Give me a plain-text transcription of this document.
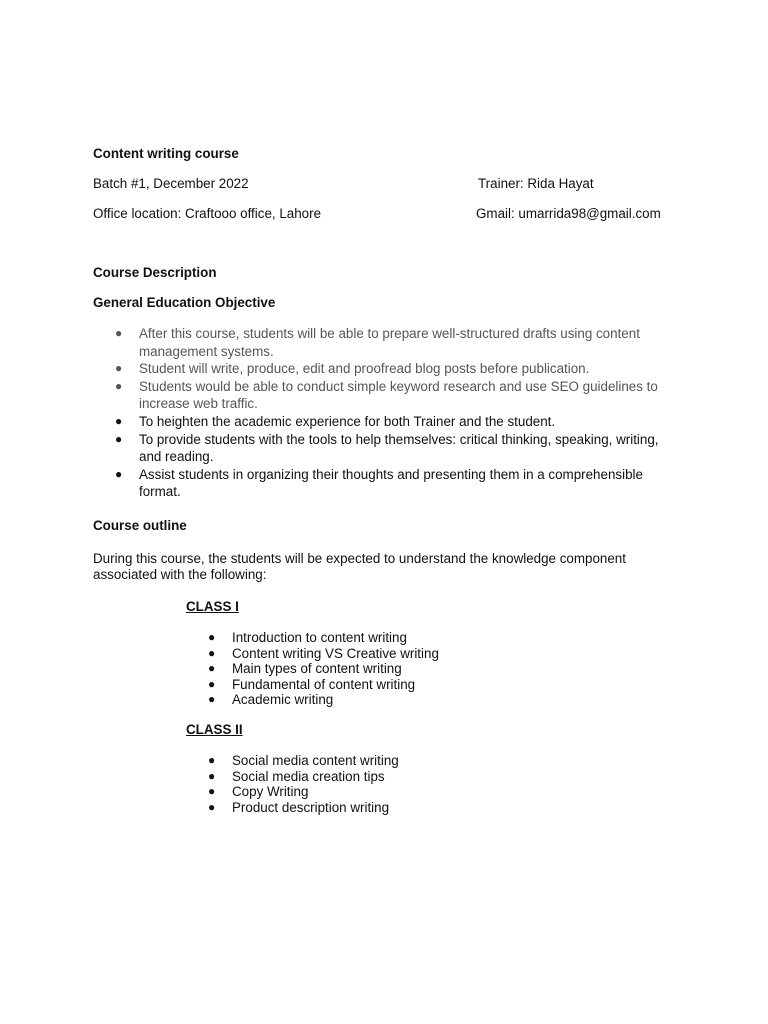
Content writing course
Batch #1, December 2022	Trainer: Rida Hayat
Office location: Craftooo office, Lahore	Gmail: umarrida98@gmail.com
Course Description
General Education Objective
● After this course, students will be able to prepare well-structured drafts using content management systems.
● Student will write, produce, edit and proofread blog posts before publication.
● Students would be able to conduct simple keyword research and use SEO guidelines to increase web traffic.
● To heighten the academic experience for both Trainer and the student.
● To provide students with the tools to help themselves: critical thinking, speaking, writing, and reading.
● Assist students in organizing their thoughts and presenting them in a comprehensible format.
Course outline
During this course, the students will be expected to understand the knowledge component associated with the following:
CLASS I
● Introduction to content writing
● Content writing VS Creative writing
● Main types of content writing
● Fundamental of content writing
● Academic writing
CLASS II
● Social media content writing
● Social media creation tips
● Copy Writing
● Product description writing
